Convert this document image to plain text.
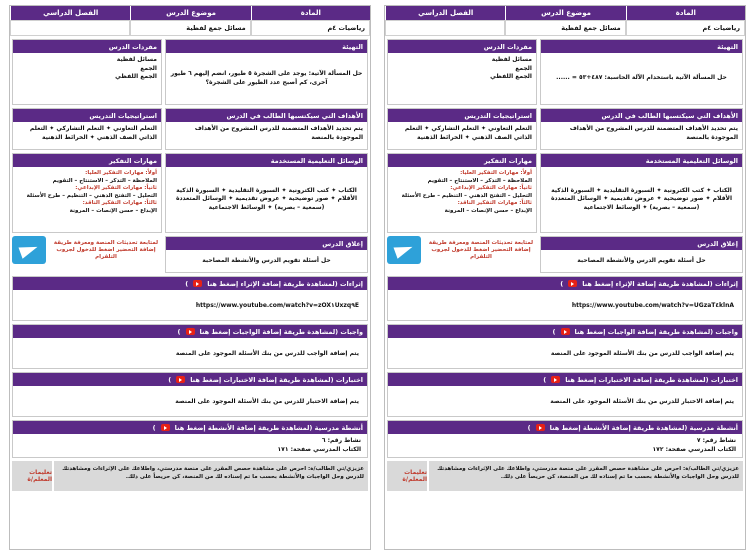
المادة
موضوع الدرس
الفصل الدراسي
رياضيات ٤م
مسائل جمع لفظية
التهيئة
حل المسألة الآتية باستخدام الآلة الحاسبة: ٤٨٧+٥٣ = ......
مفردات الدرس
مسائل لفظية
الجمع
الجمع اللفظي
الأهداف التي سيكتسبها الطالب في الدرس
يتم تحديد الأهداف المتضمنة للدرس المشروح من الأهداف الموجودة بالمنصة
استراتيجيات التدريس
التعلم التعاوني ✦ التعلم التشاركي ✦ التعلم الذاتي الصف الذهني ✦ الخرائط الذهنية
الوسائل التعليمية المستخدمة
الكتاب ✦ كتب الكترونية ✦ السبورة التقليدية ✦ السبورة الذكية الأقلام ✦ صور توضيحية ✦ عروض تقديمية ✦ الوسائل المتعددة (سمعية – بصرية) ✦ الوسائط الاجتماعية
إغلاق الدرس
حل أسئلة تقويم الدرس والأنشطة المصاحبة
مهارات التفكير
أولاً: مهارات التفكير العليا:
الملاحظة – التذكر – الاستنتاج – التقويم
ثانياً: مهارات التفكير الإبداعي:
التحليل – التفتح الذهني – التنظيم – طرح الأسئلة
ثالثاً: مهارات التفكير الناقد:
الإبداع – حسن الإنصات – المرونة
لمتابعة تحديثات المنصة ومعرفة طريقة إضافة التحضير اضغط للدخول لجروب التلقرام
إثراءات (لمشاهدة طريقة إضافة الإثراء إضغط هنا
)
https://www.youtube.com/watch?v=UGzaT‎٤k‎lnA
واجبات (لمشاهدة طريقة إضافة الواجبات إضغط هنا
)
يتم إضافة الواجب للدرس من بنك الأسئلة الموجود على المنصة
اختبارات (لمشاهدة طريقة إضافة الاختبارات إضغط هنا
)
يتم إضافة الاختبار للدرس من بنك الأسئلة الموجود على المنصة
أنشطة مدرسية (لمشاهدة طريقة إضافة الأنشطة إضغط هنا
)
نشاط رقم: ٧
الكتاب المدرسي صفحة: ١٧٢
عزيزي/تي الطالب/ة: احرص على مشاهدة حصص المقرر على منصة مدرستي، واطلاعك على الإثراءات ومشاهدتك للدرس وحل الواجبات والأنشطة بحسب ما تم إسناده لك من المنصة، كن حريصاً على ذلك.
تعليمات المعلم/ة
المادة
موضوع الدرس
الفصل الدراسي
رياضيات ٤م
مسائل جمع لفظية
التهيئة
حل المسألة الآتية: يوجد على الشجرة ٥ طيور، انضم إليهم ٦ طيور آخرى، كم أصبح عدد الطيور على الشجرة؟
مفردات الدرس
مسائل لفظية
الجمع
الجمع اللفظي
الأهداف التي سيكتسبها الطالب في الدرس
يتم تحديد الأهداف المتضمنة للدرس المشروح من الأهداف الموجودة بالمنصة
استراتيجيات التدريس
التعلم التعاوني ✦ التعلم التشاركي ✦ التعلم الذاتي الصف الذهني ✦ الخرائط الذهنية
الوسائل التعليمية المستخدمة
الكتاب ✦ كتب الكترونية ✦ السبورة التقليدية ✦ السبورة الذكية الأقلام ✦ صور توضيحية ✦ عروض تقديمية ✦ الوسائل المتعددة (سمعية – بصرية) ✦ الوسائط الاجتماعية
إغلاق الدرس
حل أسئلة تقويم الدرس والأنشطة المصاحبة
مهارات التفكير
أولاً: مهارات التفكير العليا:
الملاحظة – التذكر – الاستنتاج – التقويم
ثانياً: مهارات التفكير الإبداعي:
التحليل – التفتح الذهني – التنظيم – طرح الأسئلة
ثالثاً: مهارات التفكير الناقد:
الإبداع – حسن الإنصات – المرونة
لمتابعة تحديثات المنصة ومعرفة طريقة إضافة التحضير اضغط للدخول لجروب التلقرام
إثراءات (لمشاهدة طريقة إضافة الإثراء إضغط هنا
)
https://www.youtube.com/watch?v=zOX‎١U‎xzq‎٩E
واجبات (لمشاهدة طريقة إضافة الواجبات إضغط هنا
)
يتم إضافة الواجب للدرس من بنك الأسئلة الموجود على المنصة
اختبارات (لمشاهدة طريقة إضافة الاختبارات إضغط هنا
)
يتم إضافة الاختبار للدرس من بنك الأسئلة الموجود على المنصة
أنشطة مدرسية (لمشاهدة طريقة إضافة الأنشطة إضغط هنا
)
نشاط رقم: ٦
الكتاب المدرسي صفحة: ١٧١
عزيزي/تي الطالب/ة: احرص على مشاهدة حصص المقرر على منصة مدرستي، واطلاعك على الإثراءات ومشاهدتك للدرس وحل الواجبات والأنشطة بحسب ما تم إسناده لك من المنصة، كن حريصاً على ذلك.
تعليمات المعلم/ة
